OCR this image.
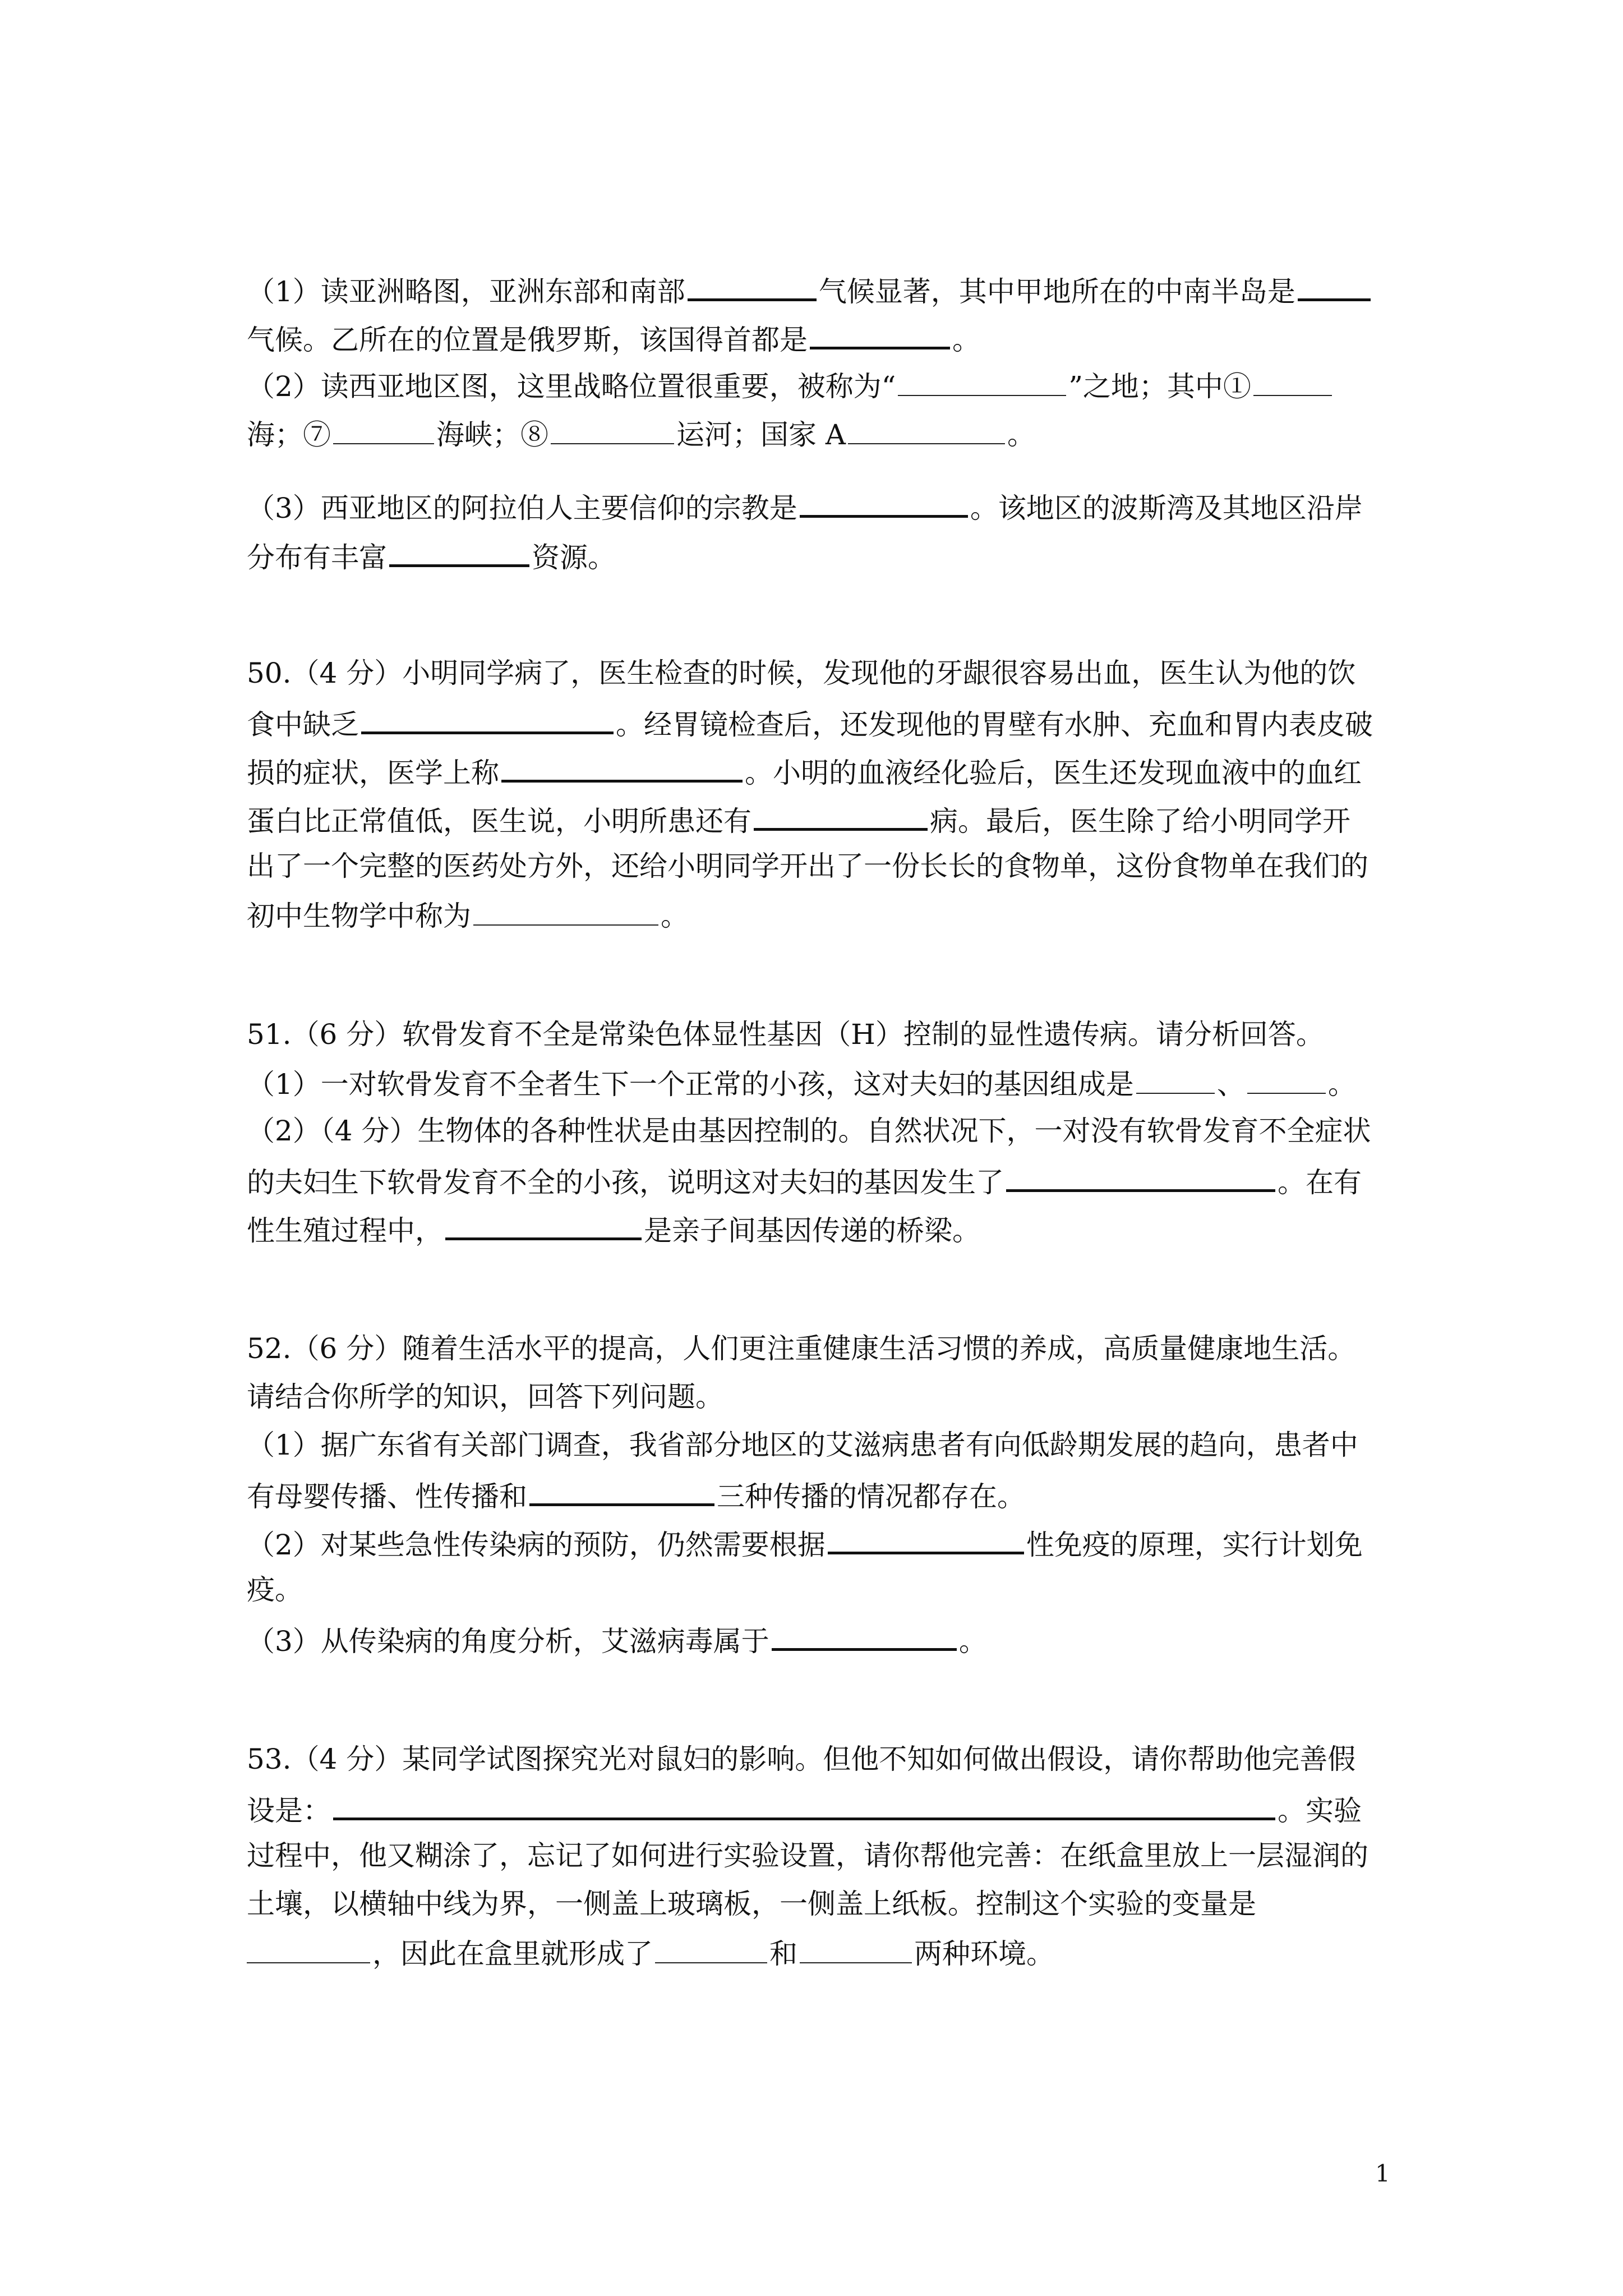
（1）读亚洲略图，亚洲东部和南部	气候显著，其中甲地所在的中南半岛是
气候。乙所在的位置是俄罗斯，该国得首都是	。
（2）读西亚地区图，这里战略位置很重要，被称为“	”之地；其中①
海；⑦	海峡；⑧	运河；国家 A	。
（3）西亚地区的阿拉伯人主要信仰的宗教是	。该地区的波斯湾及其地区沿岸
分布有丰富	资源。
50.（4 分）小明同学病了，医生检查的时候，发现他的牙龈很容易出血，医生认为他的饮
食中缺乏	。经胃镜检查后，还发现他的胃壁有水肿、充血和胃内表皮破
损的症状，医学上称	。小明的血液经化验后，医生还发现血液中的血红
蛋白比正常值低，医生说，小明所患还有	病。最后，医生除了给小明同学开
出了一个完整的医药处方外，还给小明同学开出了一份长长的食物单，这份食物单在我们的
初中生物学中称为	。
51.（6 分）软骨发育不全是常染色体显性基因（H）控制的显性遗传病。请分析回答。
（1）一对软骨发育不全者生下一个正常的小孩，这对夫妇的基因组成是	、	。
（2）（4 分）生物体的各种性状是由基因控制的。自然状况下，一对没有软骨发育不全症状
的夫妇生下软骨发育不全的小孩，说明这对夫妇的基因发生了	。在有
性生殖过程中，	是亲子间基因传递的桥梁。
52.（6 分）随着生活水平的提高，人们更注重健康生活习惯的养成，高质量健康地生活。
请结合你所学的知识，回答下列问题。
（1）据广东省有关部门调查，我省部分地区的艾滋病患者有向低龄期发展的趋向，患者中
有母婴传播、性传播和	三种传播的情况都存在。
（2）对某些急性传染病的预防，仍然需要根据	性免疫的原理，实行计划免
疫。
（3）从传染病的角度分析，艾滋病毒属于	。
53.（4 分）某同学试图探究光对鼠妇的影响。但他不知如何做出假设，请你帮助他完善假
设是：	。实验
过程中，他又糊涂了，忘记了如何进行实验设置，请你帮他完善：在纸盒里放上一层湿润的
土壤，以横轴中线为界，一侧盖上玻璃板，一侧盖上纸板。控制这个实验的变量是
，因此在盒里就形成了	和	两种环境。
1
